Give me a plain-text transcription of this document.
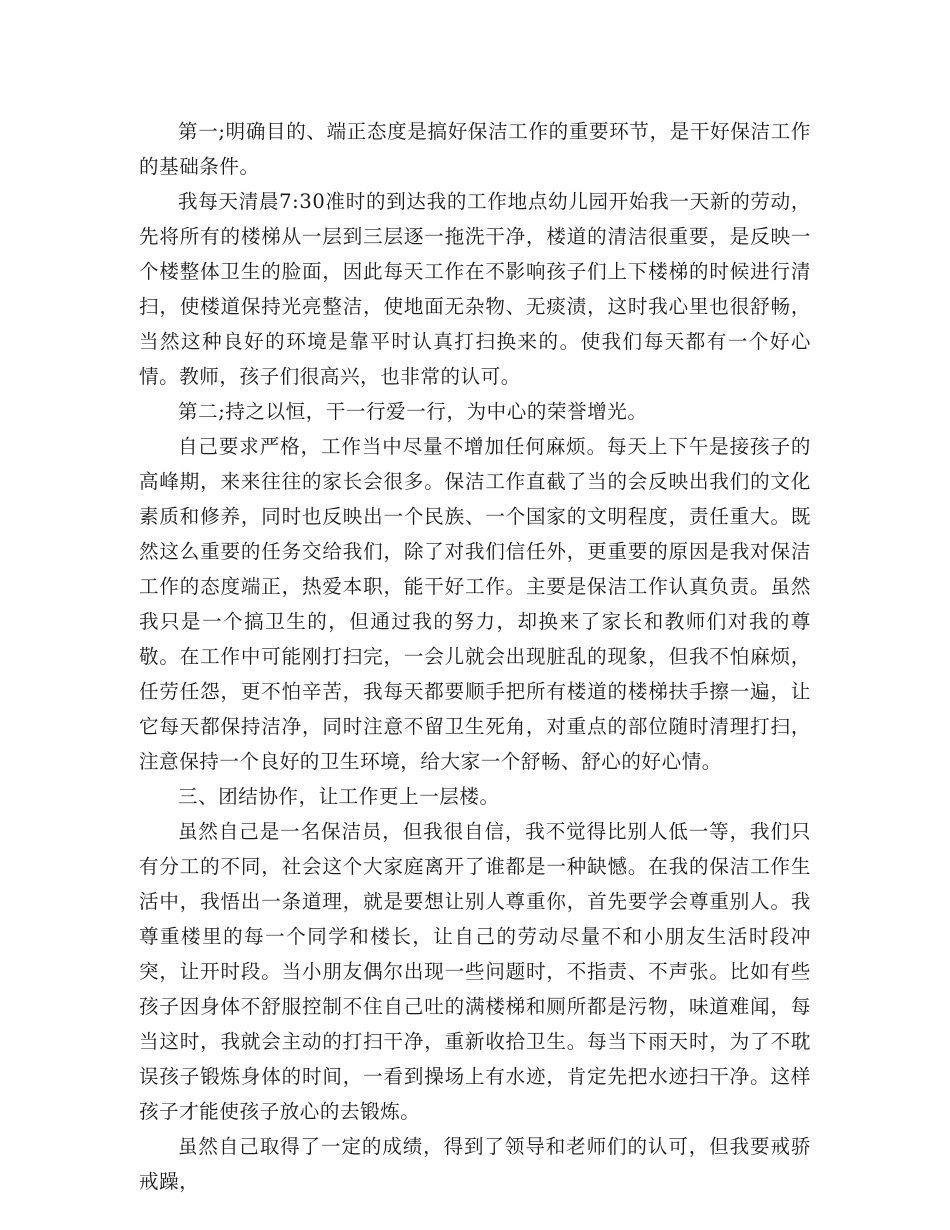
第一;明确目的、端正态度是搞好保洁工作的重要环节，是干好保洁工作的基础条件。

我每天清晨7:30准时的到达我的工作地点幼儿园开始我一天新的劳动，先将所有的楼梯从一层到三层逐一拖洗干净，楼道的清洁很重要，是反映一个楼整体卫生的脸面，因此每天工作在不影响孩子们上下楼梯的时候进行清扫，使楼道保持光亮整洁，使地面无杂物、无痰渍，这时我心里也很舒畅，当然这种良好的环境是靠平时认真打扫换来的。使我们每天都有一个好心情。教师，孩子们很高兴，也非常的认可。

第二;持之以恒，干一行爱一行，为中心的荣誉增光。

自己要求严格，工作当中尽量不增加任何麻烦。每天上下午是接孩子的高峰期，来来往往的家长会很多。保洁工作直截了当的会反映出我们的文化素质和修养，同时也反映出一个民族、一个国家的文明程度，责任重大。既然这么重要的任务交给我们，除了对我们信任外，更重要的原因是我对保洁工作的态度端正，热爱本职，能干好工作。主要是保洁工作认真负责。虽然我只是一个搞卫生的，但通过我的努力，却换来了家长和教师们对我的尊敬。在工作中可能刚打扫完，一会儿就会出现脏乱的现象，但我不怕麻烦，任劳任怨，更不怕辛苦，我每天都要顺手把所有楼道的楼梯扶手擦一遍，让它每天都保持洁净，同时注意不留卫生死角，对重点的部位随时清理打扫，注意保持一个良好的卫生环境，给大家一个舒畅、舒心的好心情。

三、团结协作，让工作更上一层楼。

虽然自己是一名保洁员，但我很自信，我不觉得比别人低一等，我们只有分工的不同，社会这个大家庭离开了谁都是一种缺憾。在我的保洁工作生活中，我悟出一条道理，就是要想让别人尊重你，首先要学会尊重别人。我尊重楼里的每一个同学和楼长，让自己的劳动尽量不和小朋友生活时段冲突，让开时段。当小朋友偶尔出现一些问题时，不指责、不声张。比如有些孩子因身体不舒服控制不住自己吐的满楼梯和厕所都是污物，味道难闻，每当这时，我就会主动的打扫干净，重新收拾卫生。每当下雨天时，为了不耽误孩子锻炼身体的时间，一看到操场上有水迹，肯定先把水迹扫干净。这样孩子才能使孩子放心的去锻炼。

虽然自己取得了一定的成绩，得到了领导和老师们的认可，但我要戒骄戒躁，
